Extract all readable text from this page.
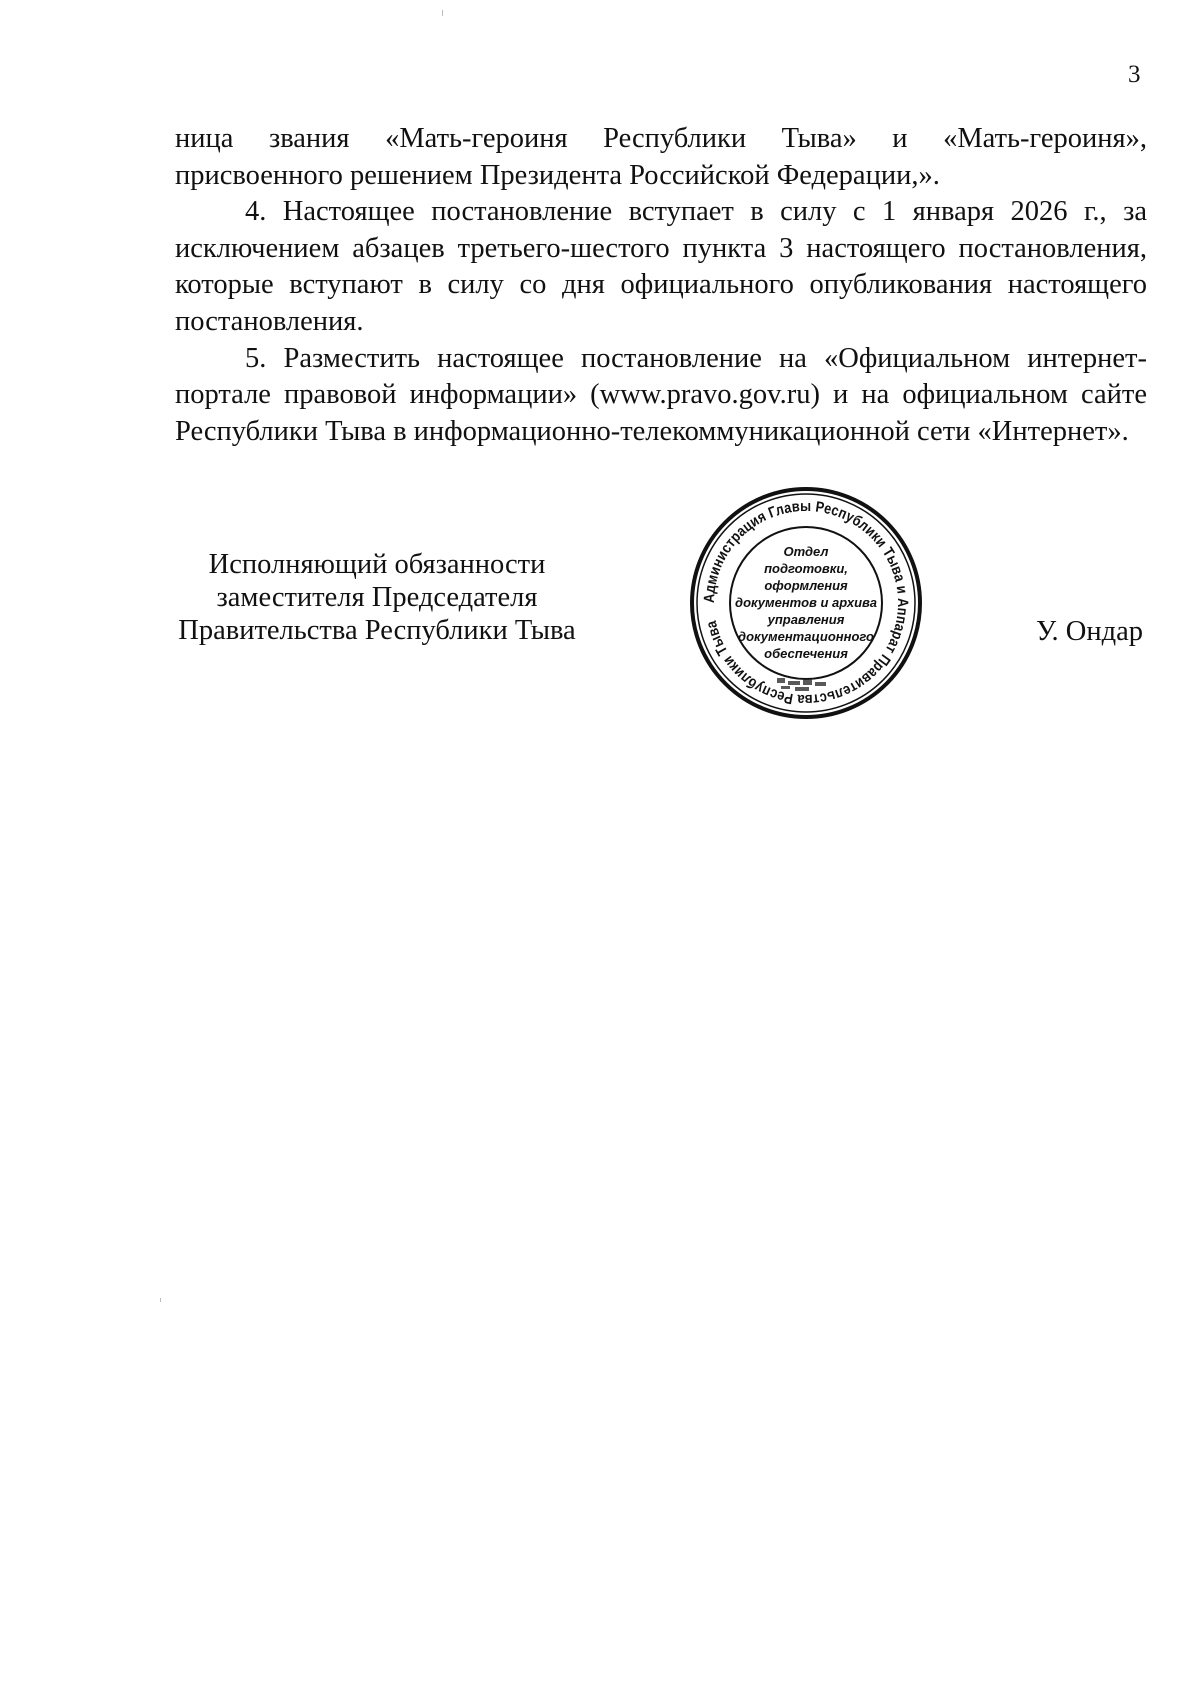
3

ница звания «Мать-героиня Республики Тыва» и «Мать-героиня», присвоенного решением Президента Российской Федерации,».

4. Настоящее постановление вступает в силу с 1 января 2026 г., за исключением абзацев третьего-шестого пункта 3 настоящего постановления, которые вступают в силу со дня официального опубликования настоящего постановления.

5. Разместить настоящее постановление на «Официальном интернет-портале правовой информации» (www.pravo.gov.ru) и на официальном сайте Республики Тыва в информационно-телекоммуникационной сети «Интернет».

Исполняющий обязанности
заместителя Председателя
Правительства Республики Тыва
Администрация Главы Республики Тыва и Аппарат Правительства Республики Тыва
Отдел
подготовки,
оформления
документов и архива
управления
документационного
обеспечения
У. Ондар
